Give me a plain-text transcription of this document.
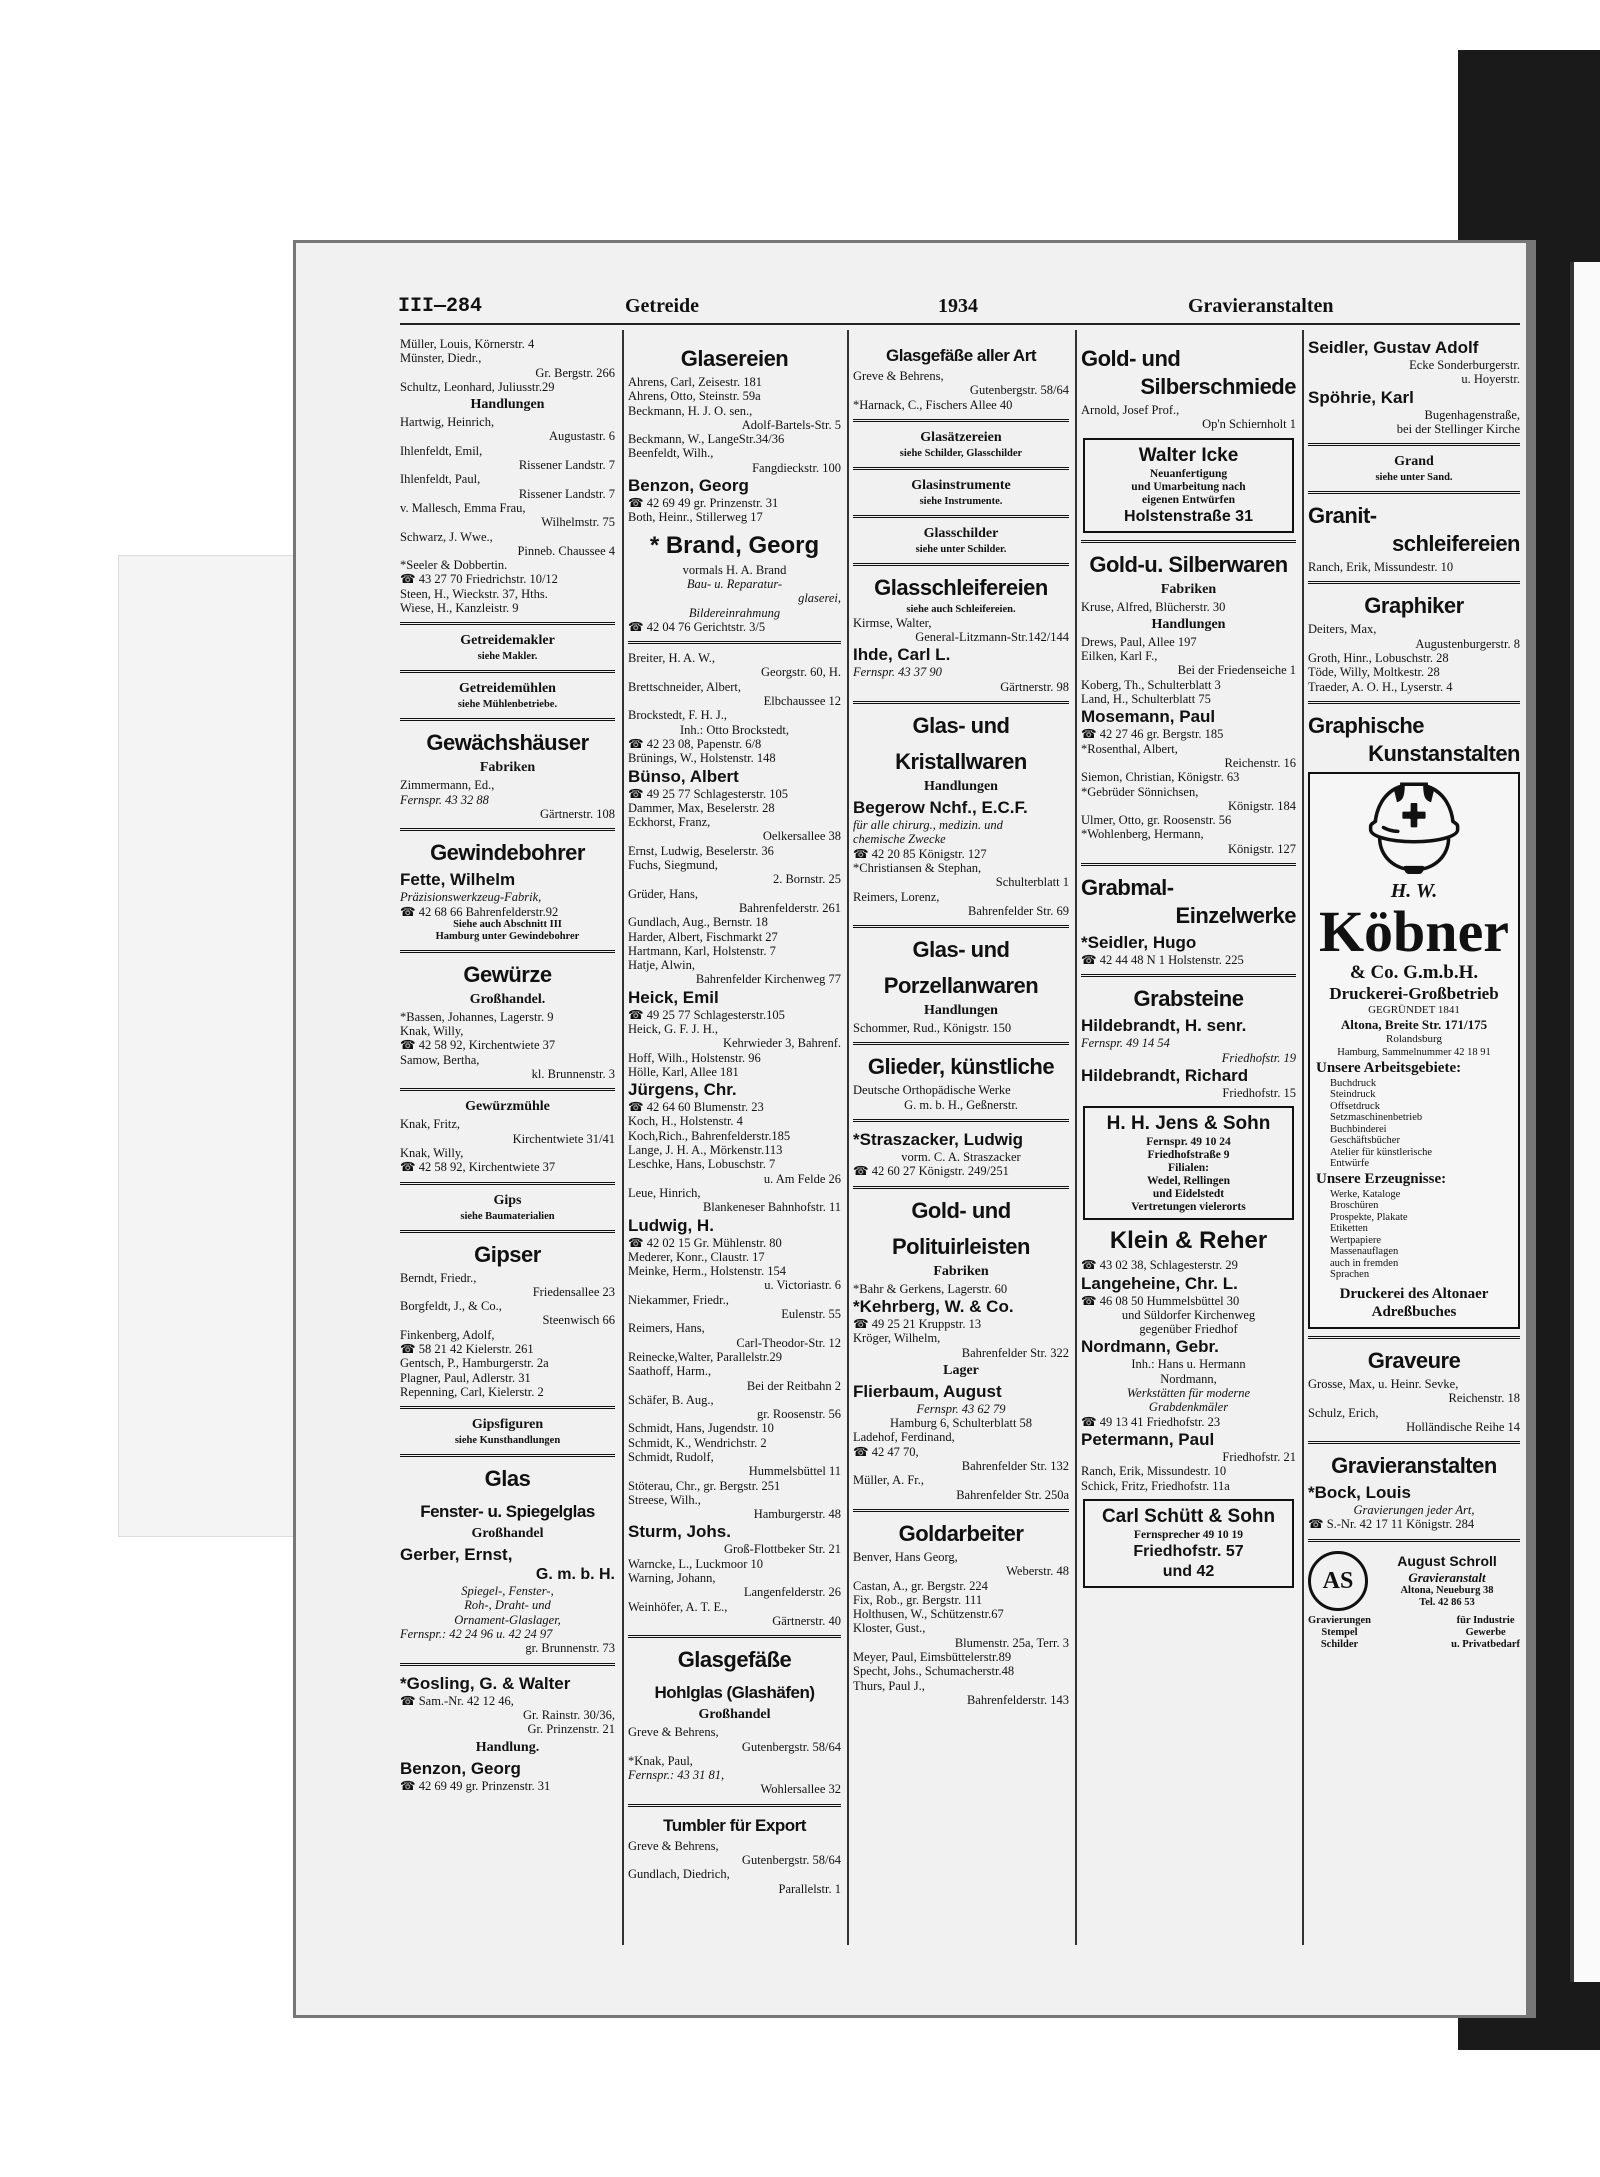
III—284	Getreide	1934	Gravieranstalten
Müller, Louis, Körnerstr. 4
Münster, Diedr.,
Gr. Bergstr. 266
Schultz, Leonhard, Juliusstr.29
Handlungen
Hartwig, Heinrich,
Augustastr. 6
Ihlenfeldt, Emil,
Rissener Landstr. 7
Ihlenfeldt, Paul,
Rissener Landstr. 7
v. Mallesch, Emma Frau,
Wilhelmstr. 75
Schwarz, J. Wwe.,
Pinneb. Chaussee 4
*Seeler & Dobbertin.
☎ 43 27 70 Friedrichstr. 10/12
Steen, H., Wieckstr. 37, Hths.
Wiese, H., Kanzleistr. 9
Getreidemakler
siehe Makler.
Getreidemühlen
siehe Mühlenbetriebe.
Gewächshäuser
Fabriken
Zimmermann, Ed.,
Fernspr. 43 32 88
Gärtnerstr. 108
Gewindebohrer
Fette, Wilhelm
Präzisionswerkzeug-Fabrik,
☎ 42 68 66 Bahrenfelderstr.92
Siehe auch Abschnitt III
Hamburg unter Gewindebohrer
Gewürze
Großhandel.
*Bassen, Johannes, Lagerstr. 9
Knak, Willy,
☎ 42 58 92, Kirchentwiete 37
Samow, Bertha,
kl. Brunnenstr. 3
Gewürzmühle
Knak, Fritz,
Kirchentwiete 31/41
Knak, Willy,
☎ 42 58 92, Kirchentwiete 37
Gips
siehe Baumaterialien
Gipser
Berndt, Friedr.,
Friedensallee 23
Borgfeldt, J., & Co.,
Steenwisch 66
Finkenberg, Adolf,
☎ 58 21 42 Kielerstr. 261
Gentsch, P., Hamburgerstr. 2a
Plagner, Paul, Adlerstr. 31
Repenning, Carl, Kielerstr. 2
Gipsfiguren
siehe Kunsthandlungen
Glas
Fenster- u. Spiegelglas
Großhandel
Gerber, Ernst,
G. m. b. H.
Spiegel-, Fenster-,
Roh-, Draht- und
Ornament-Glaslager,
Fernspr.: 42 24 96 u. 42 24 97
gr. Brunnenstr. 73
*Gosling, G. & Walter
☎ Sam.-Nr. 42 12 46,
Gr. Rainstr. 30/36,
Gr. Prinzenstr. 21
Handlung.
Benzon, Georg
☎ 42 69 49 gr. Prinzenstr. 31
Glasereien
Ahrens, Carl, Zeisestr. 181
Ahrens, Otto, Steinstr. 59a
Beckmann, H. J. O. sen.,
Adolf-Bartels-Str. 5
Beckmann, W., LangeStr.34/36
Beenfeldt, Wilh.,
Fangdieckstr. 100
Benzon, Georg
☎ 42 69 49 gr. Prinzenstr. 31
Both, Heinr., Stillerweg 17
* Brand, Georg
vormals H. A. Brand
Bau- u. Reparatur-
glaserei,
Bildereinrahmung
☎ 42 04 76 Gerichtstr. 3/5
Breiter, H. A. W.,
Georgstr. 60, H.
Brettschneider, Albert,
Elbchaussee 12
Brockstedt, F. H. J.,
Inh.: Otto Brockstedt,
☎ 42 23 08, Papenstr. 6/8
Brünings, W., Holstenstr. 148
Bünso, Albert
☎ 49 25 77 Schlagesterstr. 105
Dammer, Max, Beselerstr. 28
Eckhorst, Franz,
Oelkersallee 38
Ernst, Ludwig, Beselerstr. 36
Fuchs, Siegmund,
2. Bornstr. 25
Grüder, Hans,
Bahrenfelderstr. 261
Gundlach, Aug., Bernstr. 18
Harder, Albert, Fischmarkt 27
Hartmann, Karl, Holstenstr. 7
Hatje, Alwin,
Bahrenfelder Kirchenweg 77
Heick, Emil
☎ 49 25 77 Schlagesterstr.105
Heick, G. F. J. H.,
Kehrwieder 3, Bahrenf.
Hoff, Wilh., Holstenstr. 96
Hölle, Karl, Allee 181
Jürgens, Chr.
☎ 42 64 60 Blumenstr. 23
Koch, H., Holstenstr. 4
Koch,Rich., Bahrenfelderstr.185
Lange, J. H. A., Mörkenstr.113
Leschke, Hans, Lobuschstr. 7
u. Am Felde 26
Leue, Hinrich,
Blankeneser Bahnhofstr. 11
Ludwig, H.
☎ 42 02 15 Gr. Mühlenstr. 80
Mederer, Konr., Claustr. 17
Meinke, Herm., Holstenstr. 154
u. Victoriastr. 6
Niekammer, Friedr.,
Eulenstr. 55
Reimers, Hans,
Carl-Theodor-Str. 12
Reinecke,Walter, Parallelstr.29
Saathoff, Harm.,
Bei der Reitbahn 2
Schäfer, B. Aug.,
gr. Roosenstr. 56
Schmidt, Hans, Jugendstr. 10
Schmidt, K., Wendrichstr. 2
Schmidt, Rudolf,
Hummelsbüttel 11
Stöterau, Chr., gr. Bergstr. 251
Streese, Wilh.,
Hamburgerstr. 48
Sturm, Johs.
Groß-Flottbeker Str. 21
Warncke, L., Luckmoor 10
Warning, Johann,
Langenfelderstr. 26
Weinhöfer, A. T. E.,
Gärtnerstr. 40
Glasgefäße
Hohlglas (Glashäfen)
Großhandel
Greve & Behrens,
Gutenbergstr. 58/64
*Knak, Paul,
Fernspr.: 43 31 81,
Wohlersallee 32
Tumbler für Export
Greve & Behrens,
Gutenbergstr. 58/64
Gundlach, Diedrich,
Parallelstr. 1
Glasgefäße aller Art
Greve & Behrens,
Gutenbergstr. 58/64
*Harnack, C., Fischers Allee 40
Glasätzereien
siehe Schilder, Glasschilder
Glasinstrumente
siehe Instrumente.
Glasschilder
siehe unter Schilder.
Glasschleifereien
siehe auch Schleifereien.
Kirmse, Walter,
General-Litzmann-Str.142/144
Ihde, Carl L.
Fernspr. 43 37 90
Gärtnerstr. 98
Glas- und
Kristallwaren
Handlungen
Begerow Nchf., E.C.F.
für alle chirurg., medizin. und
chemische Zwecke
☎ 42 20 85 Königstr. 127
*Christiansen & Stephan,
Schulterblatt 1
Reimers, Lorenz,
Bahrenfelder Str. 69
Glas- und
Porzellanwaren
Handlungen
Schommer, Rud., Königstr. 150
Glieder, künstliche
Deutsche Orthopädische Werke
G. m. b. H., Geßnerstr.
*Straszacker, Ludwig
vorm. C. A. Straszacker
☎ 42 60 27 Königstr. 249/251
Gold- und
Polituirleisten
Fabriken
*Bahr & Gerkens, Lagerstr. 60
*Kehrberg, W. & Co.
☎ 49 25 21 Kruppstr. 13
Kröger, Wilhelm,
Bahrenfelder Str. 322
Lager
Flierbaum, August
Fernspr. 43 62 79
Hamburg 6, Schulterblatt 58
Ladehof, Ferdinand,
☎ 42 47 70,
Bahrenfelder Str. 132
Müller, A. Fr.,
Bahrenfelder Str. 250a
Goldarbeiter
Benver, Hans Georg,
Weberstr. 48
Castan, A., gr. Bergstr. 224
Fix, Rob., gr. Bergstr. 111
Holthusen, W., Schützenstr.67
Kloster, Gust.,
Blumenstr. 25a, Terr. 3
Meyer, Paul, Eimsbüttelerstr.89
Specht, Johs., Schumacherstr.48
Thurs, Paul J.,
Bahrenfelderstr. 143
Gold- und
Silberschmiede
Arnold, Josef Prof.,
Op'n Schiernholt 1
Walter Icke
Neuanfertigung
und Umarbeitung nach
eigenen Entwürfen
Holstenstraße 31
Gold-u. Silberwaren
Fabriken
Kruse, Alfred, Blücherstr. 30
Handlungen
Drews, Paul, Allee 197
Eilken, Karl F.,
Bei der Friedenseiche 1
Koberg, Th., Schulterblatt 3
Land, H., Schulterblatt 75
Mosemann, Paul
☎ 42 27 46 gr. Bergstr. 185
*Rosenthal, Albert,
Reichenstr. 16
Siemon, Christian, Königstr. 63
*Gebrüder Sönnichsen,
Königstr. 184
Ulmer, Otto, gr. Roosenstr. 56
*Wohlenberg, Hermann,
Königstr. 127
Grabmal-
Einzelwerke
*Seidler, Hugo
☎ 42 44 48 N 1 Holstenstr. 225
Grabsteine
Hildebrandt, H. senr.
Fernspr. 49 14 54
Friedhofstr. 19
Hildebrandt, Richard
Friedhofstr. 15
H. H. Jens & Sohn
Fernspr. 49 10 24
Friedhofstraße 9
Filialen:
Wedel, Rellingen
und Eidelstedt
Vertretungen vielerorts
Klein & Reher
☎ 43 02 38, Schlagesterstr. 29
Langeheine, Chr. L.
☎ 46 08 50 Hummelsbüttel 30
und Süldorfer Kirchenweg
gegenüber Friedhof
Nordmann, Gebr.
Inh.: Hans u. Hermann
Nordmann,
Werkstätten für moderne
Grabdenkmäler
☎ 49 13 41 Friedhofstr. 23
Petermann, Paul
Friedhofstr. 21
Ranch, Erik, Missundestr. 10
Schick, Fritz, Friedhofstr. 11a
Carl Schütt & Sohn
Fernsprecher 49 10 19
Friedhofstr. 57
und 42
Seidler, Gustav Adolf
Ecke Sonderburgerstr.
u. Hoyerstr.
Spöhrie, Karl
Bugenhagenstraße,
bei der Stellinger Kirche
Grand
siehe unter Sand.
Granit-
schleifereien
Ranch, Erik, Missundestr. 10
Graphiker
Deiters, Max,
Augustenburgerstr. 8
Groth, Hinr., Lobuschstr. 28
Töde, Willy, Moltkestr. 28
Traeder, A. O. H., Lyserstr. 4
Graphische
Kunstanstalten
⛑
H. W.
Köbner
& Co. G.m.b.H.
Druckerei-Großbetrieb
GEGRÜNDET 1841
Altona, Breite Str. 171/175
Rolandsburg
Hamburg, Sammelnummer 42 18 91
Unsere Arbeitsgebiete:
Buchdruck
Steindruck
Offsetdruck
Setzmaschinenbetrieb
Buchbinderei
Geschäftsbücher
Atelier für künstlerische
Entwürfe
Unsere Erzeugnisse:
Werke, Kataloge
Broschüren
Prospekte, Plakate
Etiketten
Wertpapiere
Massenauflagen
auch in fremden
Sprachen
Druckerei des Altonaer Adreßbuches
Graveure
Grosse, Max, u. Heinr. Sevke,
Reichenstr. 18
Schulz, Erich,
Holländische Reihe 14
Gravieranstalten
*Bock, Louis
Gravierungen jeder Art,
☎ S.-Nr. 42 17 11 Königstr. 284
AS
August Schroll
Gravieranstalt
Altona, Neueburg 38
Tel. 42 86 53
Gravierungen
Stempel
Schilder
für Industrie
Gewerbe
u. Privatbedarf
